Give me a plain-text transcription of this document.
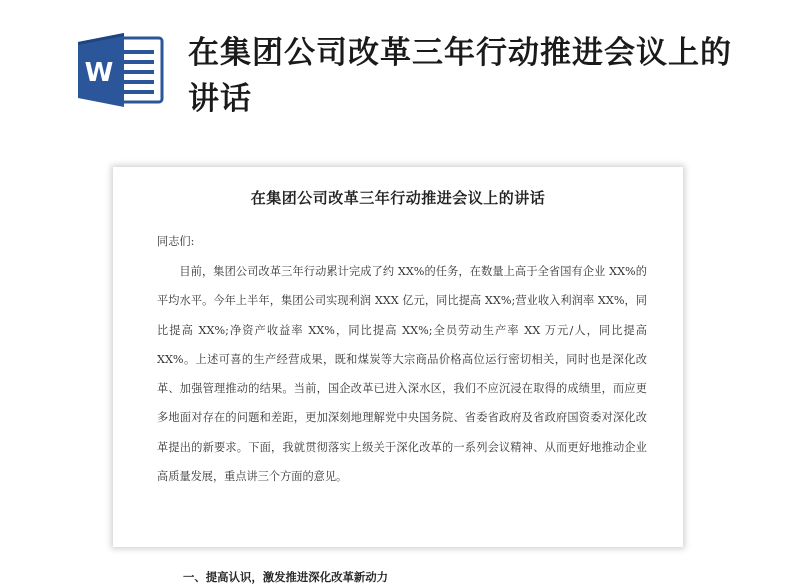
W
在集团公司改革三年行动推进会议上的讲话
在集团公司改革三年行动推进会议上的讲话

同志们:

目前，集团公司改革三年行动累计完成了约 XX%的任务，在数量上高于全省国有企业 XX%的平均水平。今年上半年，集团公司实现利润 XXX 亿元，同比提高 XX%;营业收入利润率 XX%，同比提高 XX%;净资产收益率 XX%，同比提高 XX%;全员劳动生产率 XX 万元/人，同比提高 XX%。上述可喜的生产经营成果，既和煤炭等大宗商品价格高位运行密切相关，同时也是深化改革、加强管理推动的结果。当前，国企改革已进入深水区，我们不应沉浸在取得的成绩里，而应更多地面对存在的问题和差距，更加深刻地理解党中央国务院、省委省政府及省政府国资委对深化改革提出的新要求。下面，我就贯彻落实上级关于深化改革的一系列会议精神、从而更好地推动企业高质量发展，重点讲三个方面的意见。

一、提高认识，激发推进深化改革新动力
